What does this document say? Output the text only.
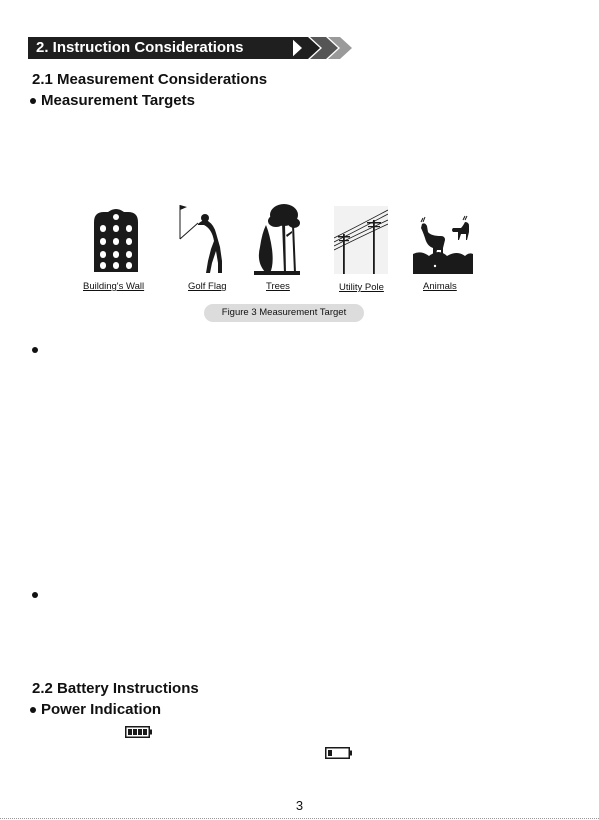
2. Instruction Considerations
2.1 Measurement Considerations
Measurement Targets
Building's Wall	Golf Flag	Trees	Utility Pole	Animals
Figure 3 Measurement Target
2.2 Battery Instructions
Power Indication
3
